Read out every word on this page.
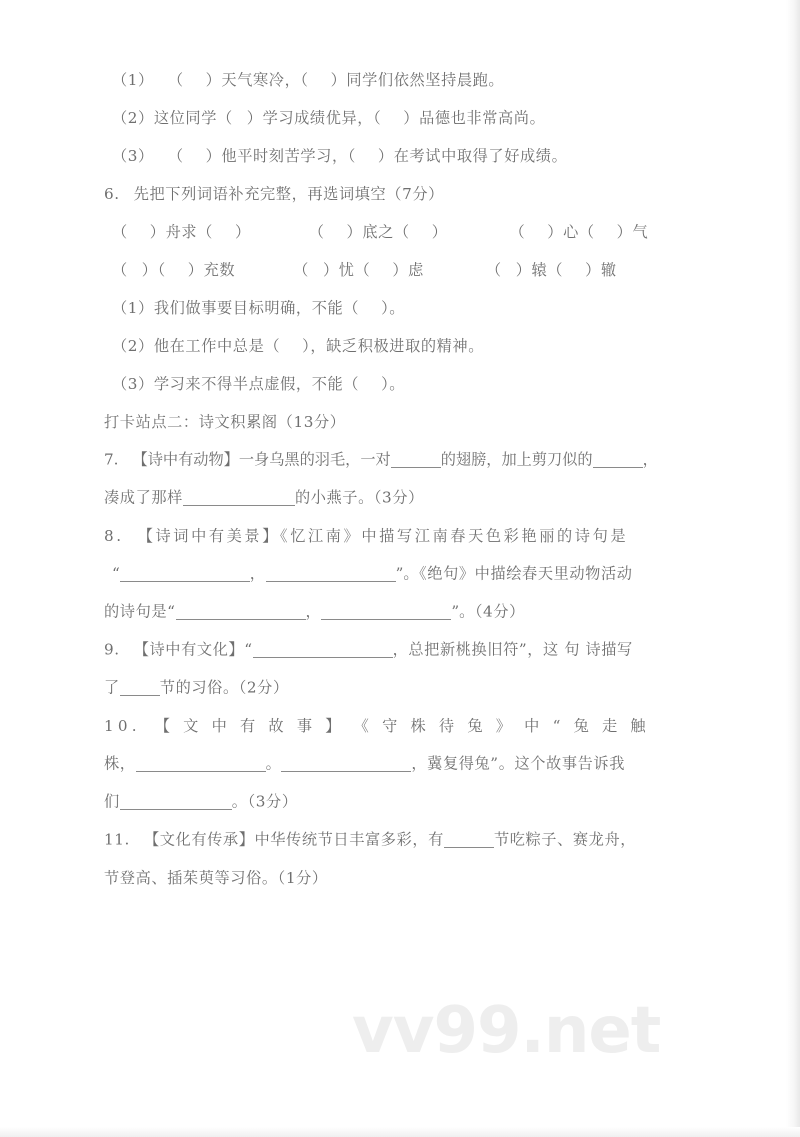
（1） （ ）天气寒冷，（ ）同学们依然坚持晨跑。
（2）这位同学（ ）学习成绩优异，（ ）品德也非常高尚。
（3） （ ）他平时刻苦学习，（ ）在考试中取得了好成绩。
6. 先把下列词语补充完整，再选词填空（7分）
（ ）舟求（ ）	（ ）底之（ ）	（ ）心（ ）气
（ ）（ ）充数	（ ）忧（ ）虑	（ ）辕（ ）辙
（1）我们做事要目标明确，不能（ ）。
（2）他在工作中总是（ ），缺乏积极进取的精神。
（3）学习来不得半点虚假，不能（ ）。
打卡站点二：诗文积累阁（13分）
7. 【诗中有动物】一身乌黑的羽毛，一对	的翅膀，加上剪刀似的	，
凑成了那样	的小燕子。（3分）
8. 【诗词中有美景】《忆江南》中描写江南春天色彩艳丽的诗句是
“	，	”。《绝句》中描绘春天里动物活动
的诗句是“	，	”。（4分）
9. 【诗中有文化】“	，总把新桃换旧符”，这 句 诗描写
了	节的习俗。（2分）
10. 【 文 中 有 故 事 】 《 守 株 待 兔 》 中 “ 兔 走 触
株，	。	，冀复得兔”。这个故事告诉我
们	。（3分）
11. 【文化有传承】中华传统节日丰富多彩，有	节吃粽子、赛龙舟，
节登高、插茱萸等习俗。（1分）
vv99.net
